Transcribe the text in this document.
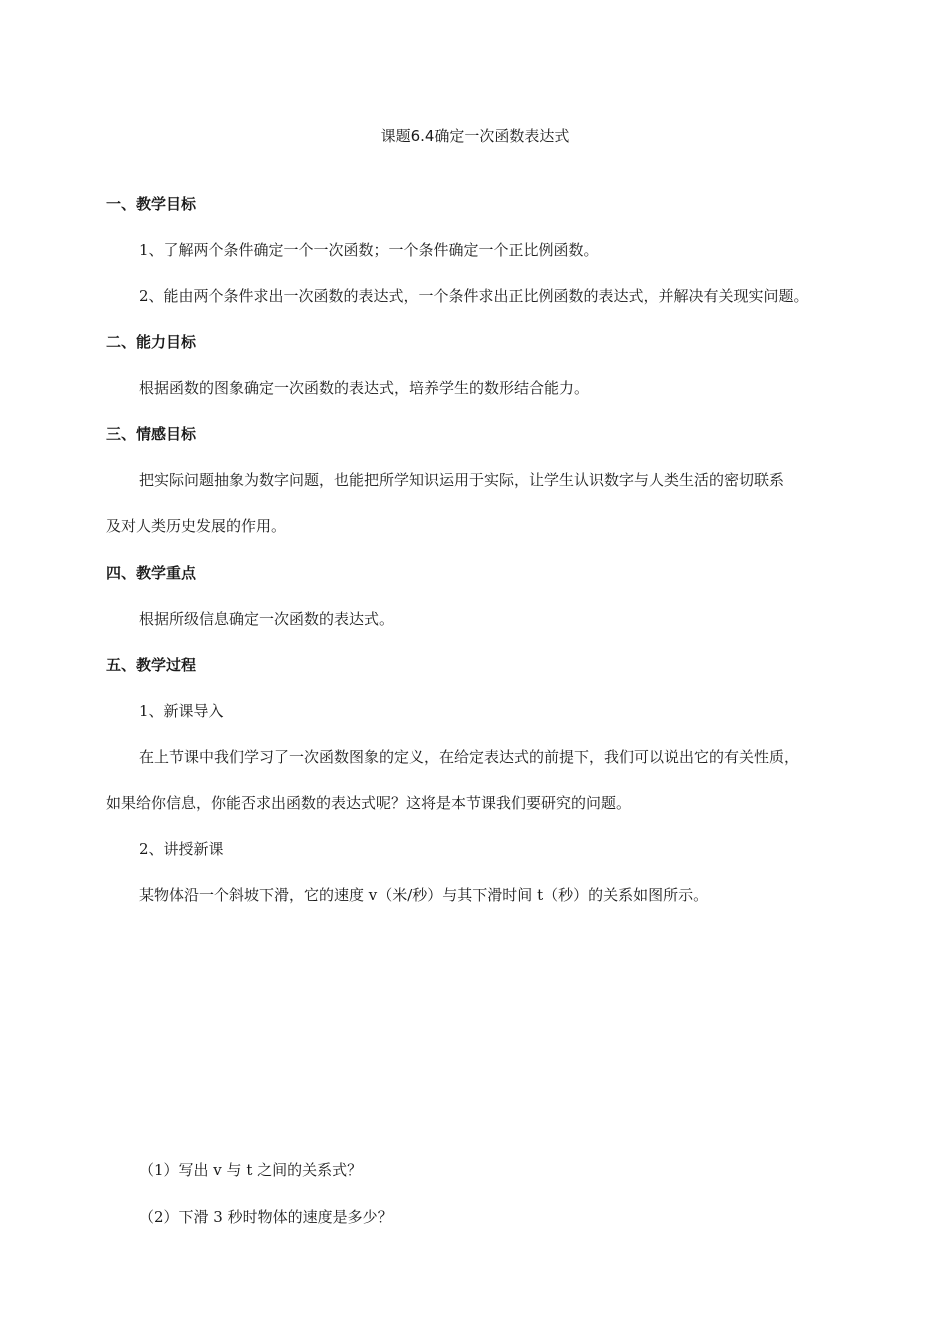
课题6.4确定一次函数表达式
一、教学目标

1、了解两个条件确定一个一次函数；一个条件确定一个正比例函数。

2、能由两个条件求出一次函数的表达式，一个条件求出正比例函数的表达式，并解决有关现实问题。

二、能力目标

根据函数的图象确定一次函数的表达式，培养学生的数形结合能力。

三、情感目标

把实际问题抽象为数字问题，也能把所学知识运用于实际，让学生认识数字与人类生活的密切联系

及对人类历史发展的作用。

四、教学重点

根据所级信息确定一次函数的表达式。

五、教学过程

1、新课导入

在上节课中我们学习了一次函数图象的定义，在给定表达式的前提下，我们可以说出它的有关性质，

如果给你信息，你能否求出函数的表达式呢？这将是本节课我们要研究的问题。

2、讲授新课

某物体沿一个斜坡下滑，它的速度 v（米/秒）与其下滑时间 t（秒）的关系如图所示。

（1）写出 v 与 t 之间的关系式？

（2）下滑 3 秒时物体的速度是多少？
